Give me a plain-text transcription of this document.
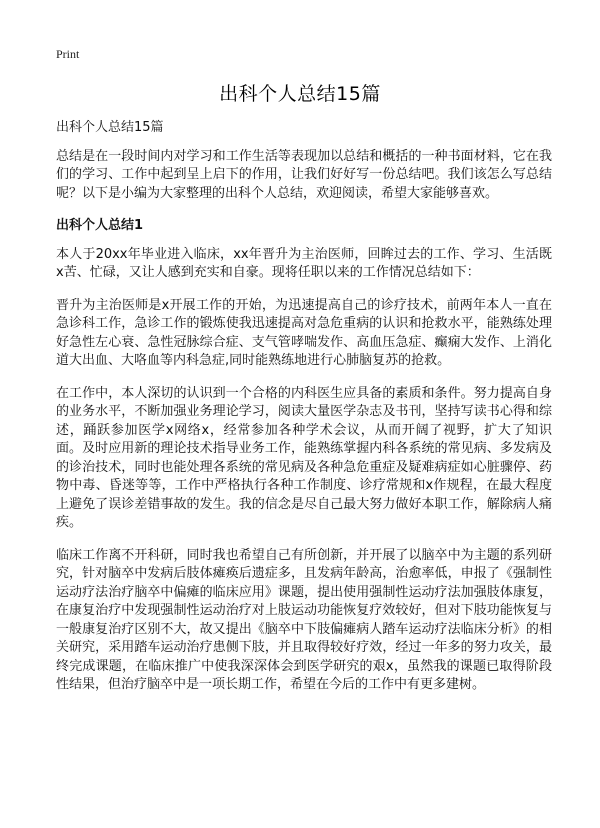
Print
出科个人总结15篇

出科个人总结15篇

总结是在一段时间内对学习和工作生活等表现加以总结和概括的一种书面材料，它在我们的学习、工作中起到呈上启下的作用，让我们好好写一份总结吧。我们该怎么写总结呢？以下是小编为大家整理的出科个人总结，欢迎阅读，希望大家能够喜欢。

出科个人总结1

本人于20xx年毕业进入临床，xx年晋升为主治医师，回眸过去的工作、学习、生活既x苦、忙碌，又让人感到充实和自豪。现将任职以来的工作情况总结如下：

晋升为主治医师是x开展工作的开始，为迅速提高自己的诊疗技术，前两年本人一直在急诊科工作，急诊工作的锻炼使我迅速提高对急危重病的认识和抢救水平，能熟练处理好急性左心衰、急性冠脉综合症、支气管哮喘发作、高血压急症、癫痫大发作、上消化道大出血、大咯血等内科急症,同时能熟练地进行心肺脑复苏的抢救。

在工作中，本人深切的认识到一个合格的内科医生应具备的素质和条件。努力提高自身的业务水平，不断加强业务理论学习，阅读大量医学杂志及书刊，坚持写读书心得和综述，踊跃参加医学x网络x，经常参加各种学术会议，从而开阔了视野，扩大了知识面。及时应用新的理论技术指导业务工作，能熟练掌握内科各系统的常见病、多发病及的诊治技术，同时也能处理各系统的常见病及各种急危重症及疑难病症如心脏骤停、药物中毒、昏迷等等，工作中严格执行各种工作制度、诊疗常规和x作规程，在最大程度上避免了误诊差错事故的发生。我的信念是尽自己最大努力做好本职工作，解除病人痛疾。

临床工作离不开科研，同时我也希望自己有所创新，并开展了以脑卒中为主题的系列研究，针对脑卒中发病后肢体瘫痪后遗症多，且发病年龄高，治愈率低，申报了《强制性运动疗法治疗脑卒中偏瘫的临床应用》课题，提出使用强制性运动疗法加强肢体康复，在康复治疗中发现强制性运动治疗对上肢运动功能恢复疗效较好，但对下肢功能恢复与一般康复治疗区别不大，故又提出《脑卒中下肢偏瘫病人踏车运动疗法临床分析》的相关研究，采用踏车运动治疗患侧下肢，并且取得较好疗效，经过一年多的努力攻关，最终完成课题，在临床推广中使我深深体会到医学研究的艰x，虽然我的课题已取得阶段性结果，但治疗脑卒中是一项长期工作，希望在今后的工作中有更多建树。
